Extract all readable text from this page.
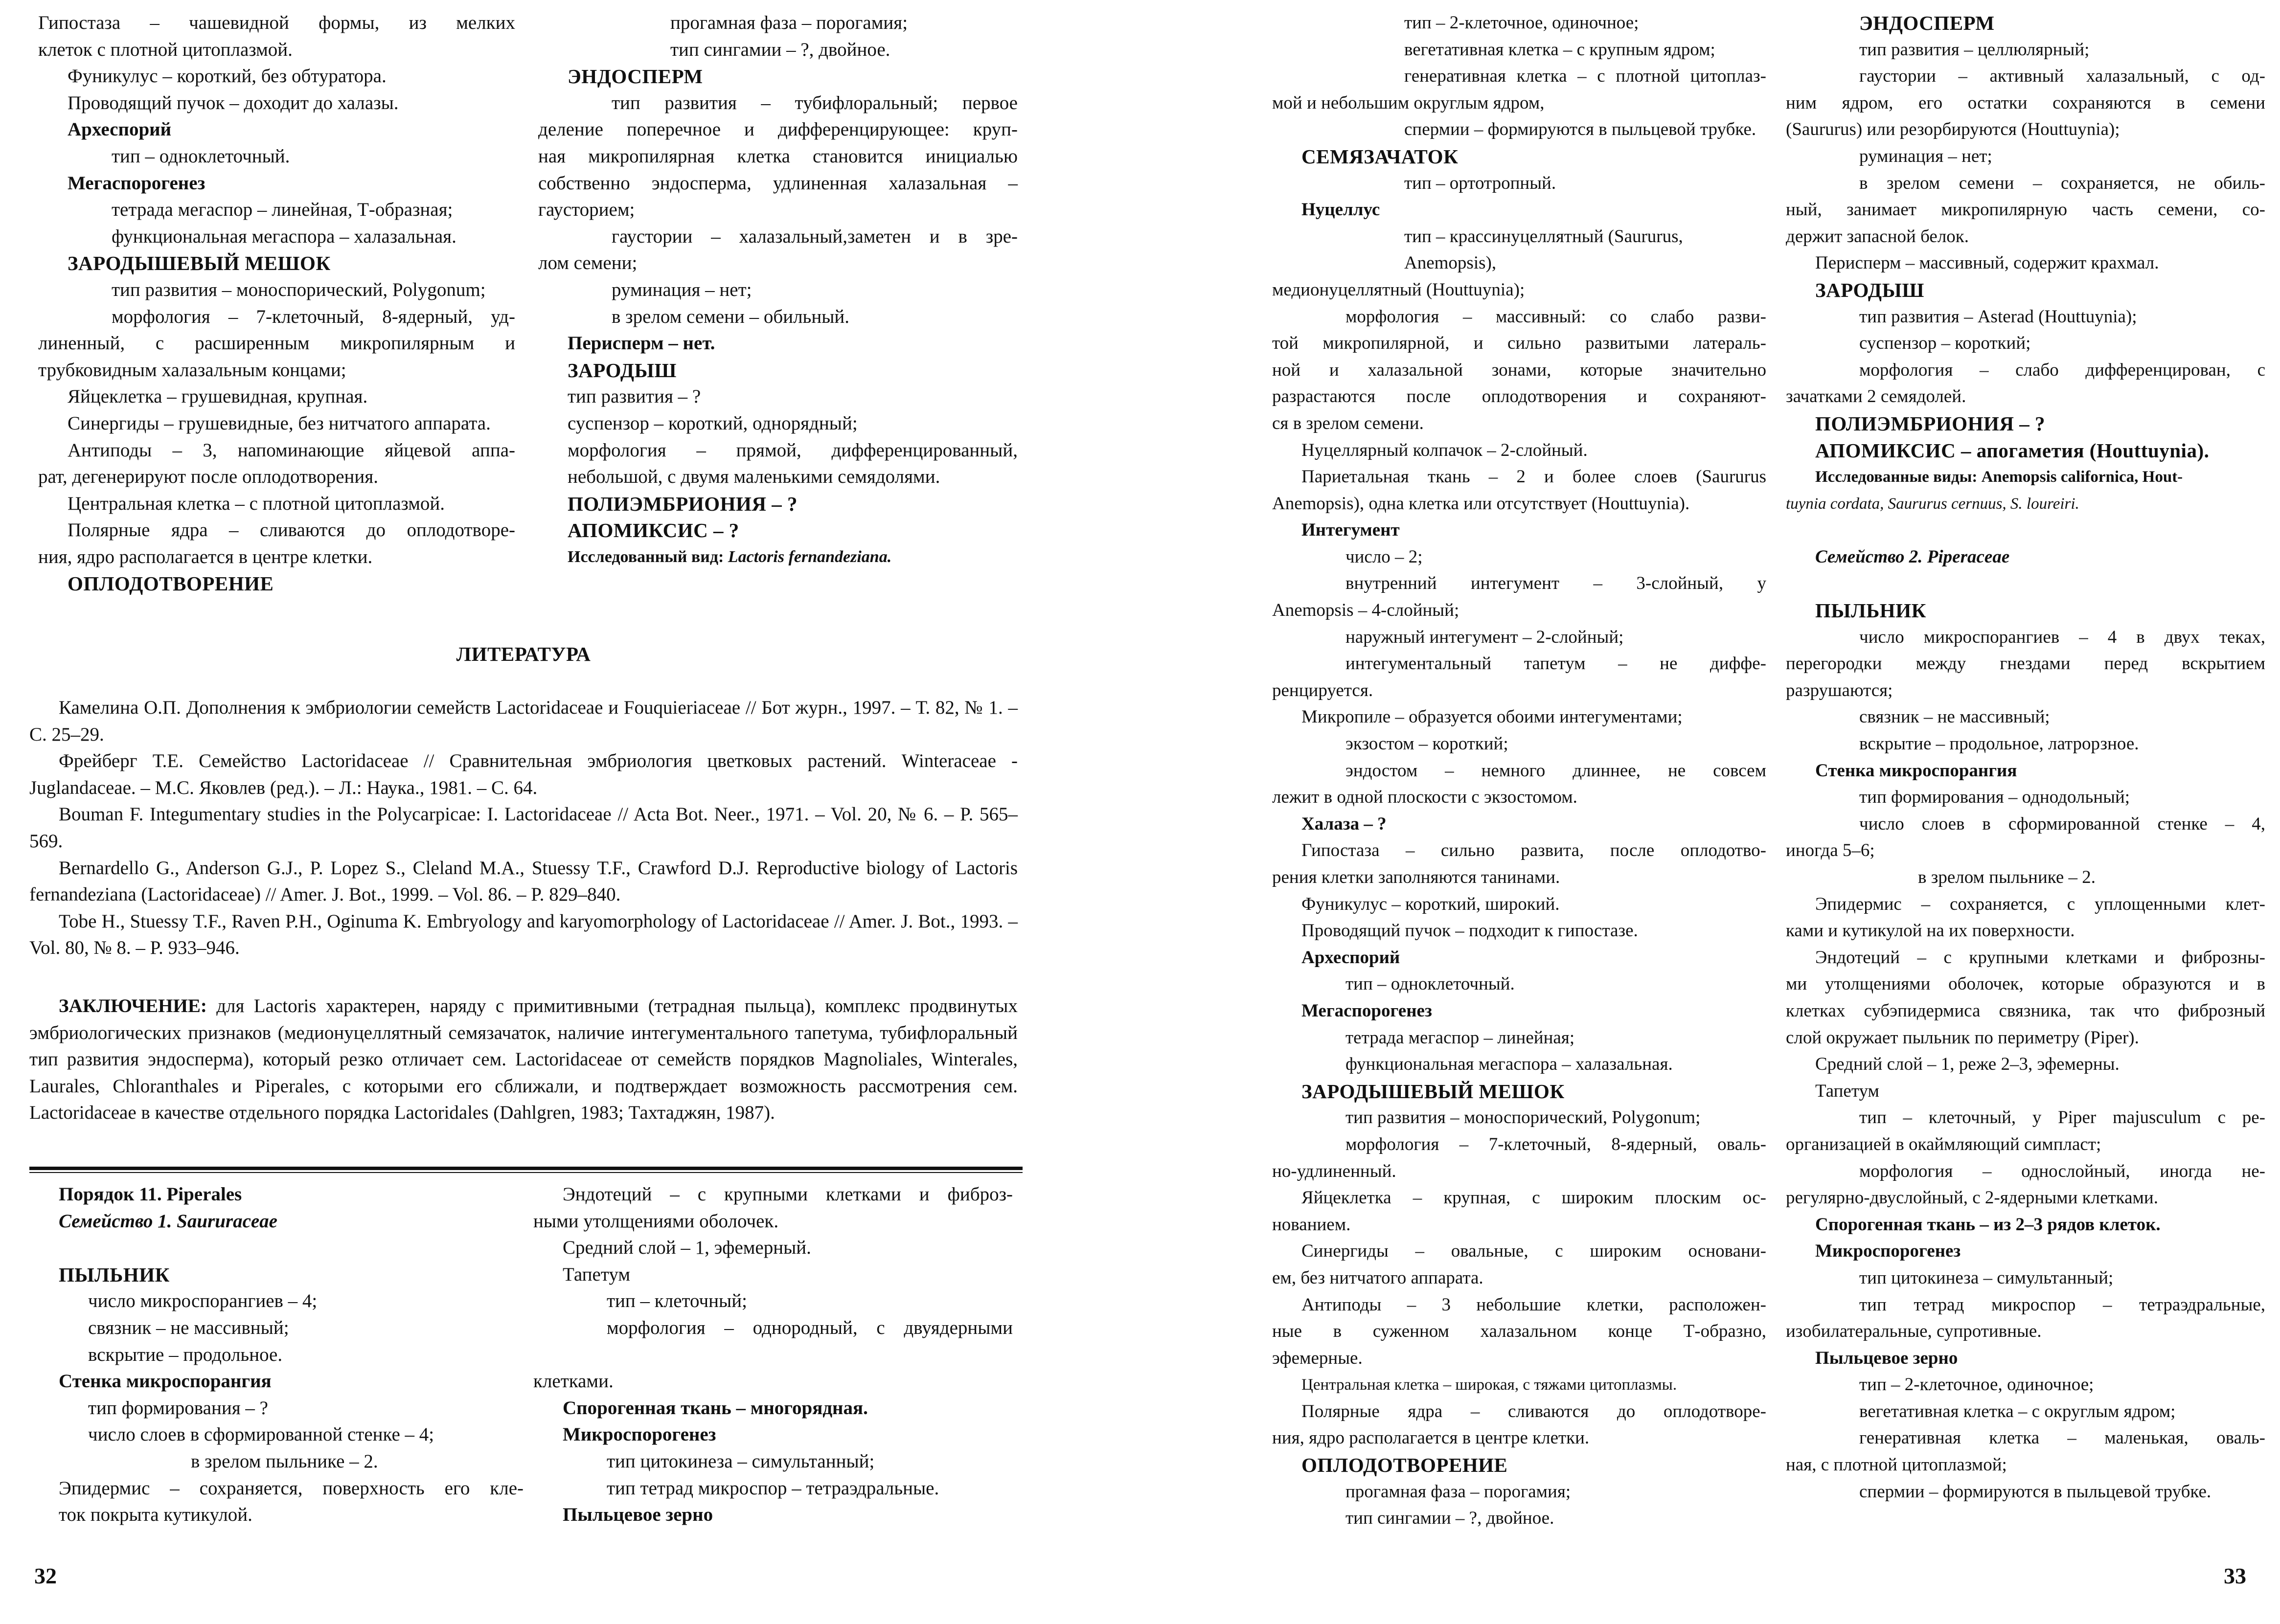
Гипостаза – чашевидной формы, из мелких

клеток с плотной цитоплазмой.

Фуникулус – короткий, без обтуратора.

Проводящий пучок – доходит до халазы.

Археспорий

тип – одноклеточный.

Мегаспорогенез

тетрада мегаспор – линейная, Т-образная;

функциональная мегаспора – халазальная.

ЗАРОДЫШЕВЫЙ МЕШОК

тип развития – моноспорический, Polygonum;

морфология – 7-клеточный, 8-ядерный, уд-

линенный, с расширенным микропилярным и

трубковидным халазальным концами;

Яйцеклетка – грушевидная, крупная.

Синергиды – грушевидные, без нитчатого аппарата.

Антиподы – 3, напоминающие яйцевой аппа-

рат, дегенерируют после оплодотворения.

Центральная клетка – с плотной цитоплазмой.

Полярные ядра – сливаются до оплодотворе-

ния, ядро располагается в центре клетки.

ОПЛОДОТВОРЕНИЕ

прогамная фаза – порогамия;

тип сингамии – ?, двойное.

ЭНДОСПЕРМ

тип развития – тубифлоральный; первое

деление поперечное и дифференцирующее: круп-

ная микропилярная клетка становится инициалью

собственно эндосперма, удлиненная халазальная –

гаусторием;

гаустории – халазальный,заметен и в зре-

лом семени;

руминация – нет;

в зрелом семени – обильный.

Перисперм – нет.

ЗАРОДЫШ

тип развития – ?

суспензор – короткий, однорядный;

морфология – прямой, дифференцированный,

небольшой, с двумя маленькими семядолями.

ПОЛИЭМБРИОНИЯ – ?

АПОМИКСИС – ?

Исследованный вид: Lactoris fernandeziana.

ЛИТЕРАТУРА

Камелина О.П. Дополнения к эмбриологии семейств Lactoridaceae и Fouquieriaceae // Бот журн., 1997. – Т. 82, № 1. – С. 25–29.

Фрейберг Т.Е. Семейство Lactoridaceae // Сравнительная эмбриология цветковых растений. Winteraceae - Juglandaceae. – М.С. Яковлев (ред.). – Л.: Наука., 1981. – С. 64.

Bouman F. Integumentary studies in the Polycarpicae: I. Lactoridaceae // Acta Bot. Neer., 1971. – Vol. 20, № 6. – P. 565–569.

Bernardello G., Anderson G.J., P. Lopez S., Cleland M.A., Stuessy T.F., Crawford D.J. Reproductive biology of Lactoris fernandeziana (Lactoridaceae) // Amer. J. Bot., 1999. – Vol. 86. – P. 829–840.

Tobe H., Stuessy T.F., Raven P.H., Oginuma K. Embryology and karyomorphology of Lactoridaceae // Amer. J. Bot., 1993. – Vol. 80, № 8. – P. 933–946.

ЗАКЛЮЧЕНИЕ: для Lactoris характерен, наряду с примитивными (тетрадная пыльца), комплекс продвинутых эмбриологических признаков (медионуцеллятный семязачаток, наличие интегументального тапетума, тубифлоральный тип развития эндосперма), который резко отличает сем. Lactoridaceae от семейств порядков Magnoliales, Winterales, Laurales, Chloranthales и Piperales, с которыми его сближали, и подтверждает возможность рассмотрения сем. Lactoridaceae в качестве отдельного порядка Lactoridales (Dahlgren, 1983; Тахтаджян, 1987).

Порядок 11. Piperales

Семейство 1. Saururaceae

ПЫЛЬНИК

число микроспорангиев – 4;

связник – не массивный;

вскрытие – продольное.

Стенка микроспорангия

тип формирования – ?

число слоев в сформированной стенке – 4;

в зрелом пыльнике – 2.

Эпидермис – сохраняется, поверхность его кле-

ток покрыта кутикулой.

Эндотеций – с крупными клетками и фиброз-

ными утолщениями оболочек.

Средний слой – 1, эфемерный.

Тапетум

тип – клеточный;

морфология – однородный, с двуядерными

клетками.

Спорогенная ткань – многорядная.

Микроспорогенез

тип цитокинеза – симультанный;

тип тетрад микроспор – тетраэдральные.

Пыльцевое зерно

32

тип – 2-клеточное, одиночное;

вегетативная клетка – с крупным ядром;

генеративная клетка – с плотной цитоплаз-

мой и небольшим округлым ядром,

спермии – формируются в пыльцевой трубке.

СЕМЯЗАЧАТОК

тип – ортотропный.

Нуцеллус

тип – крассинуцеллятный (Saururus, Anemopsis),

медионуцеллятный (Houttuynia);

морфология – массивный: со слабо разви-

той микропилярной, и сильно развитыми латераль-

ной и халазальной зонами, которые значительно

разрастаются после оплодотворения и сохраняют-

ся в зрелом семени.

Нуцеллярный колпачок – 2-слойный.

Париетальная ткань – 2 и более слоев (Saururus

Anemopsis), одна клетка или отсутствует (Houttuynia).

Интегумент

число – 2;

внутренний интегумент – 3-слойный, у

Anemopsis – 4-слойный;

наружный интегумент – 2-слойный;

интегументальный тапетум – не диффе-

ренцируется.

Микропиле – образуется обоими интегументами;

экзостом – короткий;

эндостом – немного длиннее, не совсем

лежит в одной плоскости с экзостомом.

Халаза – ?

Гипостаза – сильно развита, после оплодотво-

рения клетки заполняются танинами.

Фуникулус – короткий, широкий.

Проводящий пучок – подходит к гипостазе.

Археспорий

тип – одноклеточный.

Мегаспорогенез

тетрада мегаспор – линейная;

функциональная мегаспора – халазальная.

ЗАРОДЫШЕВЫЙ МЕШОК

тип развития – моноспорический, Polygonum;

морфология – 7-клеточный, 8-ядерный, оваль-

но-удлиненный.

Яйцеклетка – крупная, с широким плоским ос-

нованием.

Синергиды – овальные, с широким основани-

ем, без нитчатого аппарата.

Антиподы – 3 небольшие клетки, расположен-

ные в суженном халазальном конце Т-образно,

эфемерные.

Центральная клетка – широкая, с тяжами цитоплазмы.

Полярные ядра – сливаются до оплодотворе-

ния, ядро располагается в центре клетки.

ОПЛОДОТВОРЕНИЕ

прогамная фаза – порогамия;

тип сингамии – ?, двойное.

ЭНДОСПЕРМ

тип развития – целлюлярный;

гаустории – активный халазальный, с од-

ним ядром, его остатки сохраняются в семени

(Saururus) или резорбируются (Houttuynia);

руминация – нет;

в зрелом семени – сохраняется, не обиль-

ный, занимает микропилярную часть семени, со-

держит запасной белок.

Перисперм – массивный, содержит крахмал.

ЗАРОДЫШ

тип развития – Asterad (Houttuynia);

суспензор – короткий;

морфология – слабо дифференцирован, с

зачатками 2 семядолей.

ПОЛИЭМБРИОНИЯ – ?

АПОМИКСИС – апогаметия (Houttuynia).

Исследованные виды: Anemopsis californica, Hout-

tuynia cordata, Saururus cernuus, S. loureiri.

Семейство 2. Piperaceae

ПЫЛЬНИК

число микроспорангиев – 4 в двух теках,

перегородки между гнездами перед вскрытием

разрушаются;

связник – не массивный;

вскрытие – продольное, латрорзное.

Стенка микроспорангия

тип формирования – однодольный;

число слоев в сформированной стенке – 4,

иногда 5–6;

в зрелом пыльнике – 2.

Эпидермис – сохраняется, с уплощенными клет-

ками и кутикулой на их поверхности.

Эндотеций – с крупными клетками и фиброзны-

ми утолщениями оболочек, которые образуются и в

клетках субэпидермиса связника, так что фиброзный

слой окружает пыльник по периметру (Piper).

Средний слой – 1, реже 2–3, эфемерны.

Тапетум

тип – клеточный, у Piper majusculum с ре-

организацией в окаймляющий симпласт;

морфология – однослойный, иногда не-

регулярно-двуслойный, с 2-ядерными клетками.

Спорогенная ткань – из 2–3 рядов клеток.

Микроспорогенез

тип цитокинеза – симультанный;

тип тетрад микроспор – тетраэдральные,

изобилатеральные, супротивные.

Пыльцевое зерно

тип – 2-клеточное, одиночное;

вегетативная клетка – с округлым ядром;

генеративная клетка – маленькая, оваль-

ная, с плотной цитоплазмой;

спермии – формируются в пыльцевой трубке.

33
